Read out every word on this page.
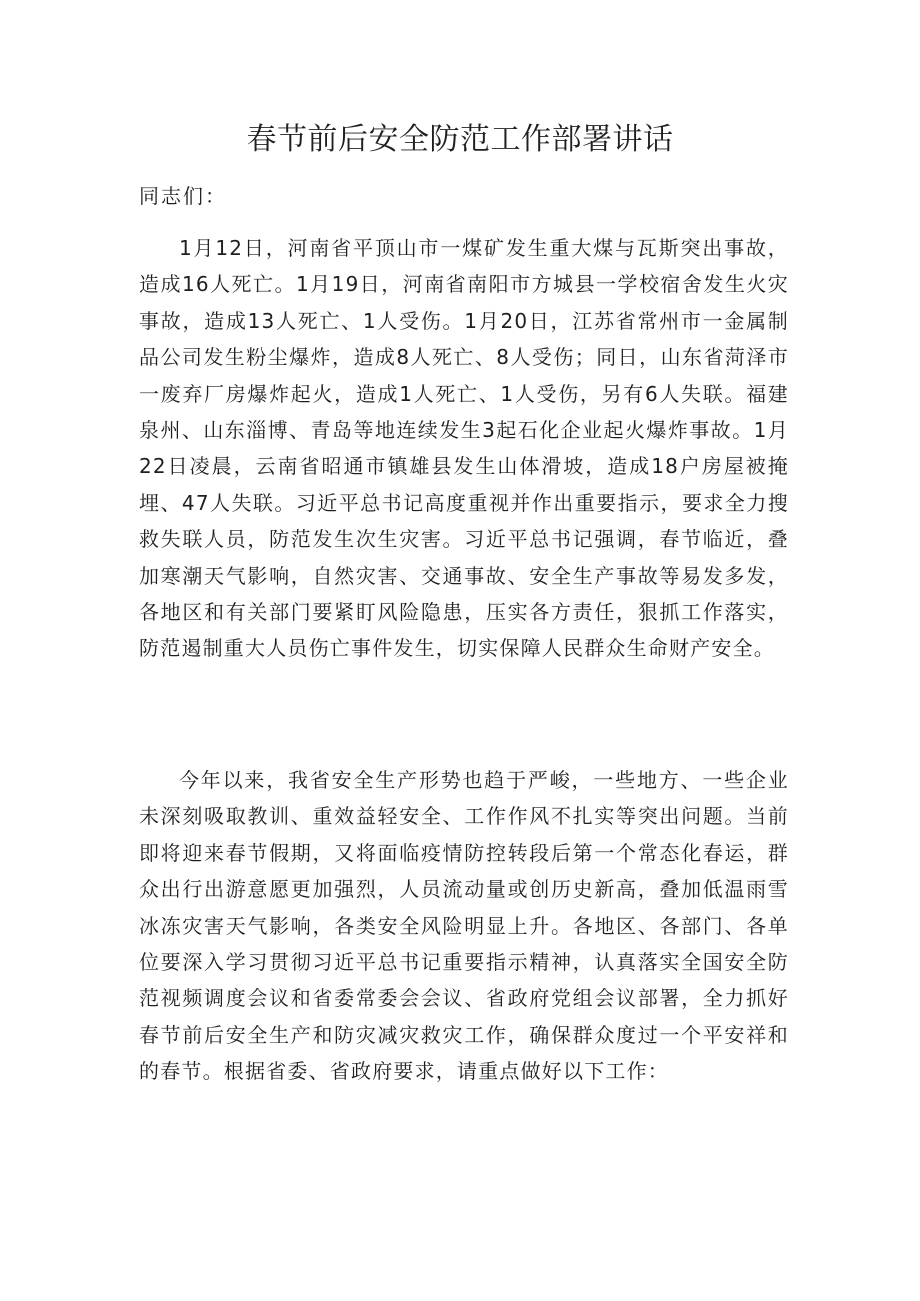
春节前后安全防范工作部署讲话

同志们：

1月12日，河南省平顶山市一煤矿发生重大煤与瓦斯突出事故，造成16人死亡。1月19日，河南省南阳市方城县一学校宿舍发生火灾事故，造成13人死亡、1人受伤。1月20日，江苏省常州市一金属制品公司发生粉尘爆炸，造成8人死亡、8人受伤；同日，山东省菏泽市一废弃厂房爆炸起火，造成1人死亡、1人受伤，另有6人失联。福建泉州、山东淄博、青岛等地连续发生3起石化企业起火爆炸事故。1月22日凌晨，云南省昭通市镇雄县发生山体滑坡，造成18户房屋被掩埋、47人失联。习近平总书记高度重视并作出重要指示，要求全力搜救失联人员，防范发生次生灾害。习近平总书记强调，春节临近，叠加寒潮天气影响，自然灾害、交通事故、安全生产事故等易发多发，各地区和有关部门要紧盯风险隐患，压实各方责任，狠抓工作落实，防范遏制重大人员伤亡事件发生，切实保障人民群众生命财产安全。

今年以来，我省安全生产形势也趋于严峻，一些地方、一些企业未深刻吸取教训、重效益轻安全、工作作风不扎实等突出问题。当前即将迎来春节假期，又将面临疫情防控转段后第一个常态化春运，群众出行出游意愿更加强烈，人员流动量或创历史新高，叠加低温雨雪冰冻灾害天气影响，各类安全风险明显上升。各地区、各部门、各单位要深入学习贯彻习近平总书记重要指示精神，认真落实全国安全防范视频调度会议和省委常委会会议、省政府党组会议部署，全力抓好春节前后安全生产和防灾减灾救灾工作，确保群众度过一个平安祥和的春节。根据省委、省政府要求，请重点做好以下工作：
